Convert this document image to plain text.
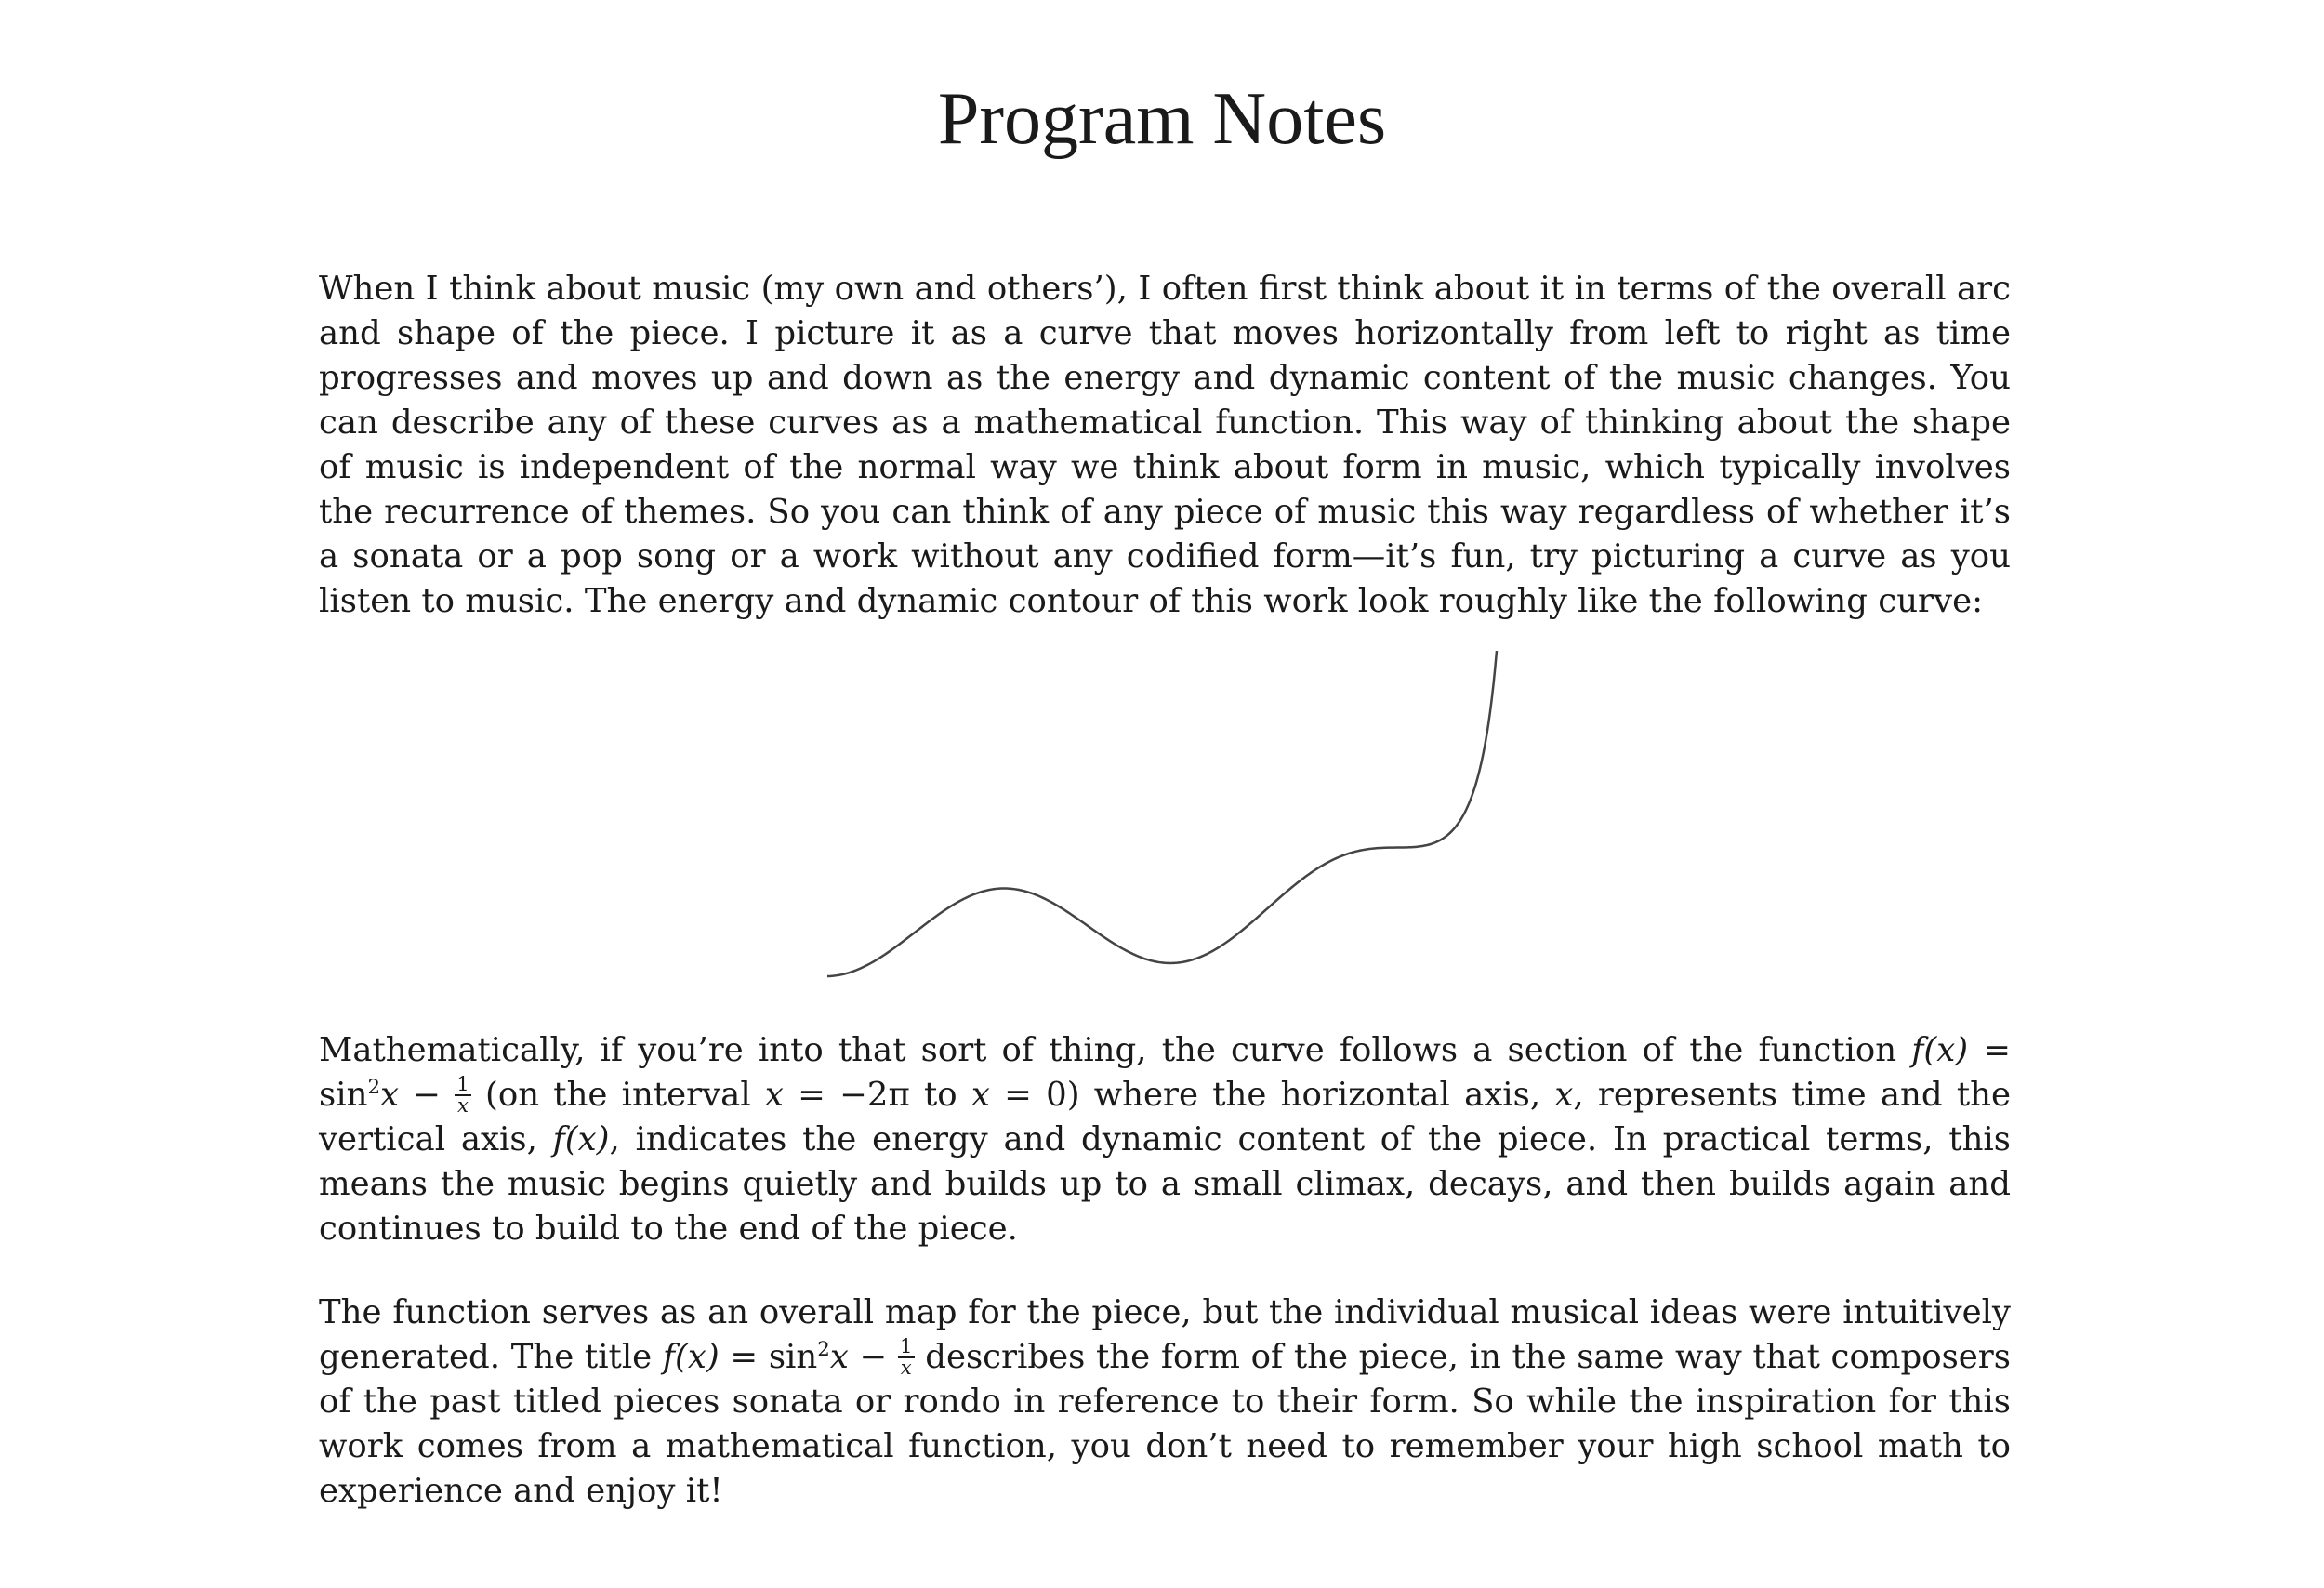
Program Notes

When I think about music (my own and others’), I often first think about it in terms of the overall arc and shape of the piece. I picture it as a curve that moves horizontally from left to right as time progresses and moves up and down as the energy and dynamic content of the music changes. You can describe any of these curves as a mathematical function. This way of thinking about the shape of music is independent of the normal way we think about form in music, which typically involves the recurrence of themes. So you can think of any piece of music this way regardless of whether it’s a sonata or a pop song or a work without any codified form—it’s fun, try picturing a curve as you listen to music. The energy and dynamic contour of this work look roughly like the following curve:

Mathematically, if you’re into that sort of thing, the curve follows a section of the function $f(x) = \sin^2x - \frac{1}{x} (on$ the interval x = −2π to x = 0) where the horizontal axis, x, represents time and the vertical axis, f(x), indicates the energy and dynamic content of the piece. In practical terms, this means the music begins quietly and builds up to a small climax, decays, and then builds again and continues to build to the end of the piece.

The function serves as an overall map for the piece, but the individual musical ideas were intuitively generated. The title $f(x) = \sin^2x - \frac{1}{x}$ describes the form of the piece, in the same way that composers of the past titled pieces sonata or rondo in reference to their form. So while the inspiration for this work comes from a mathematical function, you don’t need to remember your high school math to experience and enjoy it!
